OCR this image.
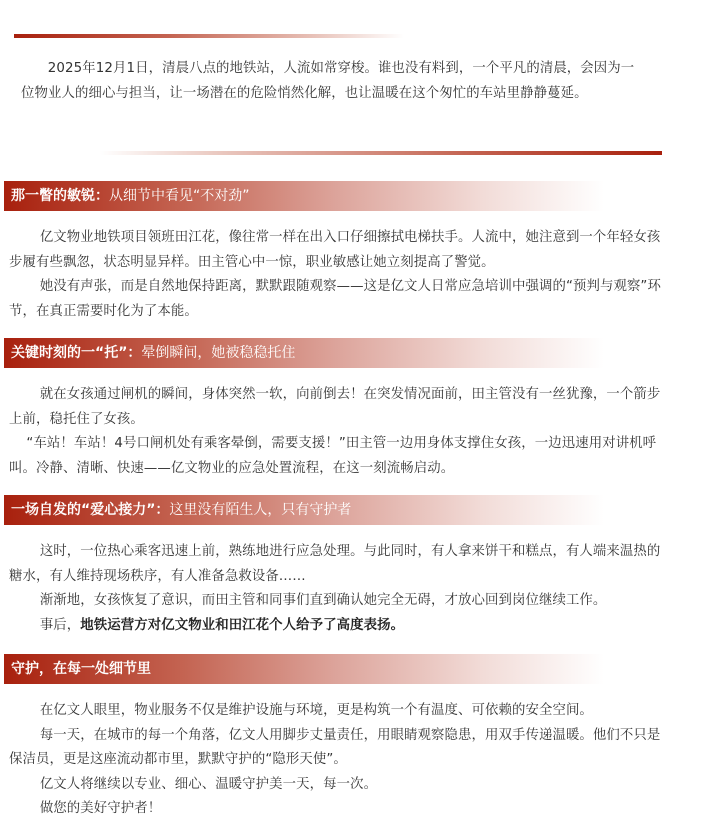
2025年12月1日，清晨八点的地铁站，人流如常穿梭。谁也没有料到，一个平凡的清晨，会因为一位物业人的细心与担当，让一场潜在的危险悄然化解，也让温暖在这个匆忙的车站里静静蔓延。

那一瞥的敏锐：从细节中看见“不对劲”

亿文物业地铁项目领班田江花，像往常一样在出入口仔细擦拭电梯扶手。人流中，她注意到一个年轻女孩步履有些飘忽，状态明显异样。田主管心中一惊，职业敏感让她立刻提高了警觉。

她没有声张，而是自然地保持距离，默默跟随观察——这是亿文人日常应急培训中强调的“预判与观察”环节，在真正需要时化为了本能。

关键时刻的一“托”：晕倒瞬间，她被稳稳托住

就在女孩通过闸机的瞬间，身体突然一软，向前倒去！在突发情况面前，田主管没有一丝犹豫，一个箭步上前，稳托住了女孩。

“车站！车站！4号口闸机处有乘客晕倒，需要支援！”田主管一边用身体支撑住女孩，一边迅速用对讲机呼叫。冷静、清晰、快速——亿文物业的应急处置流程，在这一刻流畅启动。

一场自发的“爱心接力”：这里没有陌生人，只有守护者

这时，一位热心乘客迅速上前，熟练地进行应急处理。与此同时，有人拿来饼干和糕点，有人端来温热的糖水，有人维持现场秩序，有人准备急救设备……

渐渐地，女孩恢复了意识，而田主管和同事们直到确认她完全无碍，才放心回到岗位继续工作。

事后，地铁运营方对亿文物业和田江花个人给予了高度表扬。

守护，在每一处细节里

在亿文人眼里，物业服务不仅是维护设施与环境，更是构筑一个有温度、可依赖的安全空间。

每一天，在城市的每一个角落，亿文人用脚步丈量责任，用眼睛观察隐患，用双手传递温暖。他们不只是保洁员，更是这座流动都市里，默默守护的“隐形天使”。

亿文人将继续以专业、细心、温暖守护美一天，每一次。

做您的美好守护者！
